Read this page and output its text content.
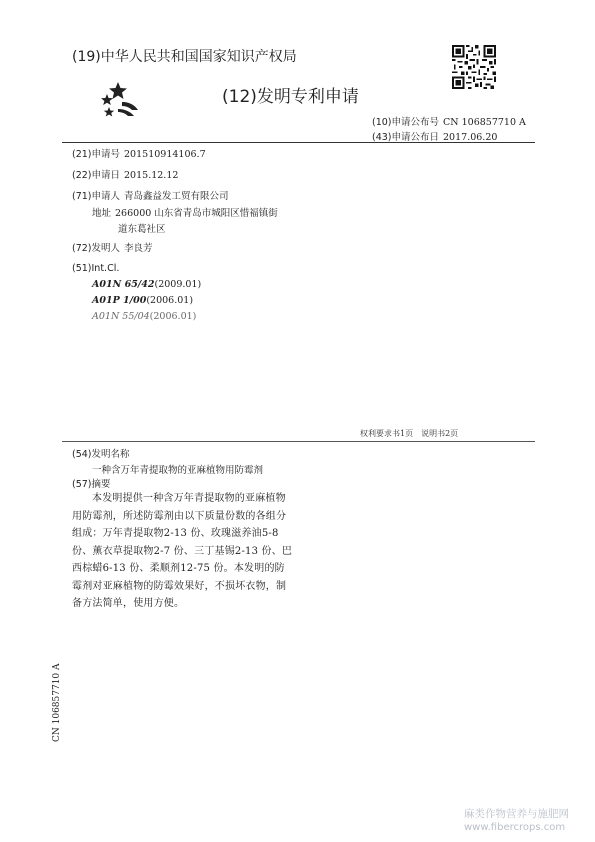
(19)中华人民共和国国家知识产权局
(12)发明专利申请
(10)申请公布号 CN 106857710 A
(43)申请公布日 2017.06.20
(21)申请号 201510914106.7
(22)申请日 2015.12.12
(71)申请人 青岛鑫益发工贸有限公司
地址 266000 山东省青岛市城阳区惜福镇街
道东葛社区
(72)发明人 李良芳
(51)Int.Cl.
A01N 65/42(2009.01)
A01P 1/00(2006.01)
A01N 55/04(2006.01)
权利要求书1页　说明书2页
(54)发明名称
一种含万年青提取物的亚麻植物用防霉剂
(57)摘要
本发明提供一种含万年青提取物的亚麻植物用防霉剂，所述防霉剂由以下质量份数的各组分组成：万年青提取物2-13 份、玫瑰滋养油5-8份、薰衣草提取物2-7 份、三丁基锡2-13 份、巴西棕蜡6-13 份、柔顺剂12-75 份。本发明的防霉剂对亚麻植物的防霉效果好，不损坏衣物，制备方法简单，使用方便。
CN 106857710 A
麻类作物营养与施肥网
www.fibercrops.com
